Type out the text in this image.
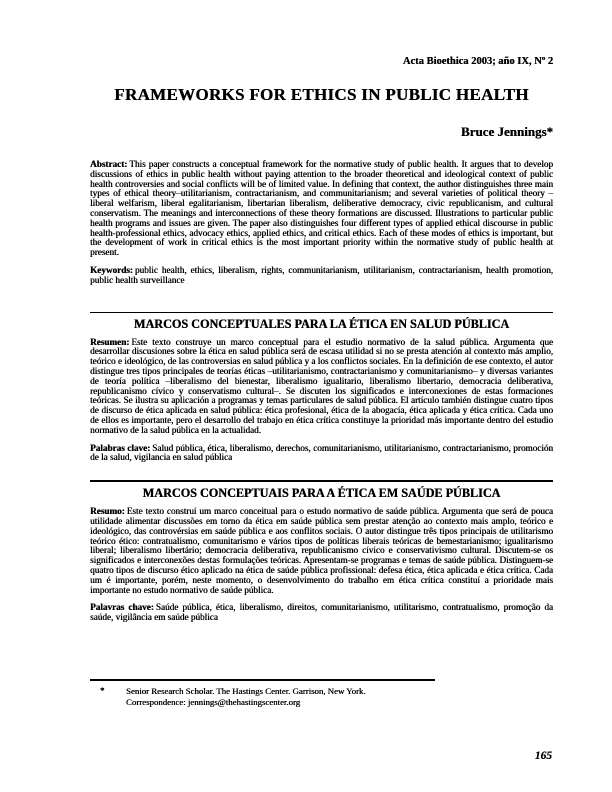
Acta Bioethica 2003; año IX, Nº 2
FRAMEWORKS FOR ETHICS IN PUBLIC HEALTH
Bruce Jennings*

Abstract: This paper constructs a conceptual framework for the normative study of public health. It argues that to develop discussions of ethics in public health without paying attention to the broader theoretical and ideological context of public health controversies and social conflicts will be of limited value. In defining that context, the author distinguishes three main types of ethical theory–utilitarianism, contractarianism, and communitarianism; and several varieties of political theory –liberal welfarism, liberal egalitarianism, libertarian liberalism, deliberative democracy, civic republicanism, and cultural conservatism. The meanings and interconnections of these theory formations are discussed. Illustrations to particular public health programs and issues are given. The paper also distinguishes four different types of applied ethical discourse in public health-professional ethics, advocacy ethics, applied ethics, and critical ethics. Each of these modes of ethics is important, but the development of work in critical ethics is the most important priority within the normative study of public health at present.

Keywords: public health, ethics, liberalism, rights, communitarianism, utilitarianism, contractarianism, health promotion, public health surveillance

MARCOS CONCEPTUALES PARA LA ÉTICA EN SALUD PÚBLICA

Resumen: Este texto construye un marco conceptual para el estudio normativo de la salud pública. Argumenta que desarrollar discusiones sobre la ética en salud pública será de escasa utilidad si no se presta atención al contexto más amplio, teórico e ideológico, de las controversias en salud pública y a los conflictos sociales. En la definición de ese contexto, el autor distingue tres tipos principales de teorías éticas –utilitarianismo, contractarianismo y comunitarianismo– y diversas variantes de teoría política –liberalismo del bienestar, liberalismo igualitario, liberalismo libertario, democracia deliberativa, republicanismo cívico y conservatismo cultural–. Se discuten los significados e interconexiones de estas formaciones teóricas. Se ilustra su aplicación a programas y temas particulares de salud pública. El artículo también distingue cuatro tipos de discurso de ética aplicada en salud pública: ética profesional, ética de la abogacía, ética aplicada y ética crítica. Cada uno de ellos es importante, pero el desarrollo del trabajo en ética crítica constituye la prioridad más importante dentro del estudio normativo de la salud pública en la actualidad.

Palabras clave: Salud pública, ética, liberalismo, derechos, comunitarianismo, utilitarianismo, contractarianismo, promoción de la salud, vigilancia en salud pública

MARCOS CONCEPTUAIS PARA A ÉTICA EM SAÚDE PÚBLICA

Resumo: Este texto construí um marco conceitual para o estudo normativo de saúde pública. Argumenta que será de pouca utilidade alimentar discussões em torno da ética em saúde pública sem prestar atenção ao contexto mais amplo, teórico e ideológico, das controvérsias em saúde pública e aos conflitos sociais. O autor distingue três tipos principais de utilitarismo teórico ético: contratualismo, comunitarismo e vários tipos de políticas liberais teóricas de bemestarianismo; igualitarismo liberal; liberalismo libertário; democracia deliberativa, republicanismo cívico e conservativismo cultural. Discutem-se os significados e interconexões destas formulações teóricas. Apresentam-se programas e temas de saúde pública. Distinguem-se quatro tipos de discurso ético aplicado na ética de saúde pública profissional: defesa ética, ética aplicada e ética crítica. Cada um é importante, porém, neste momento, o desenvolvimento do trabalho em ética crítica constituí a prioridade mais importante no estudo normativo de saúde pública.

Palavras chave: Saúde pública, ética, liberalismo, direitos, comunitarianismo, utilitarismo, contratualismo, promoção da saúde, vigilância em saúde pública

* Senior Research Scholar. The Hastings Center. Garrison, New York.

Correspondence: jennings@thehastingscenter.org

165
